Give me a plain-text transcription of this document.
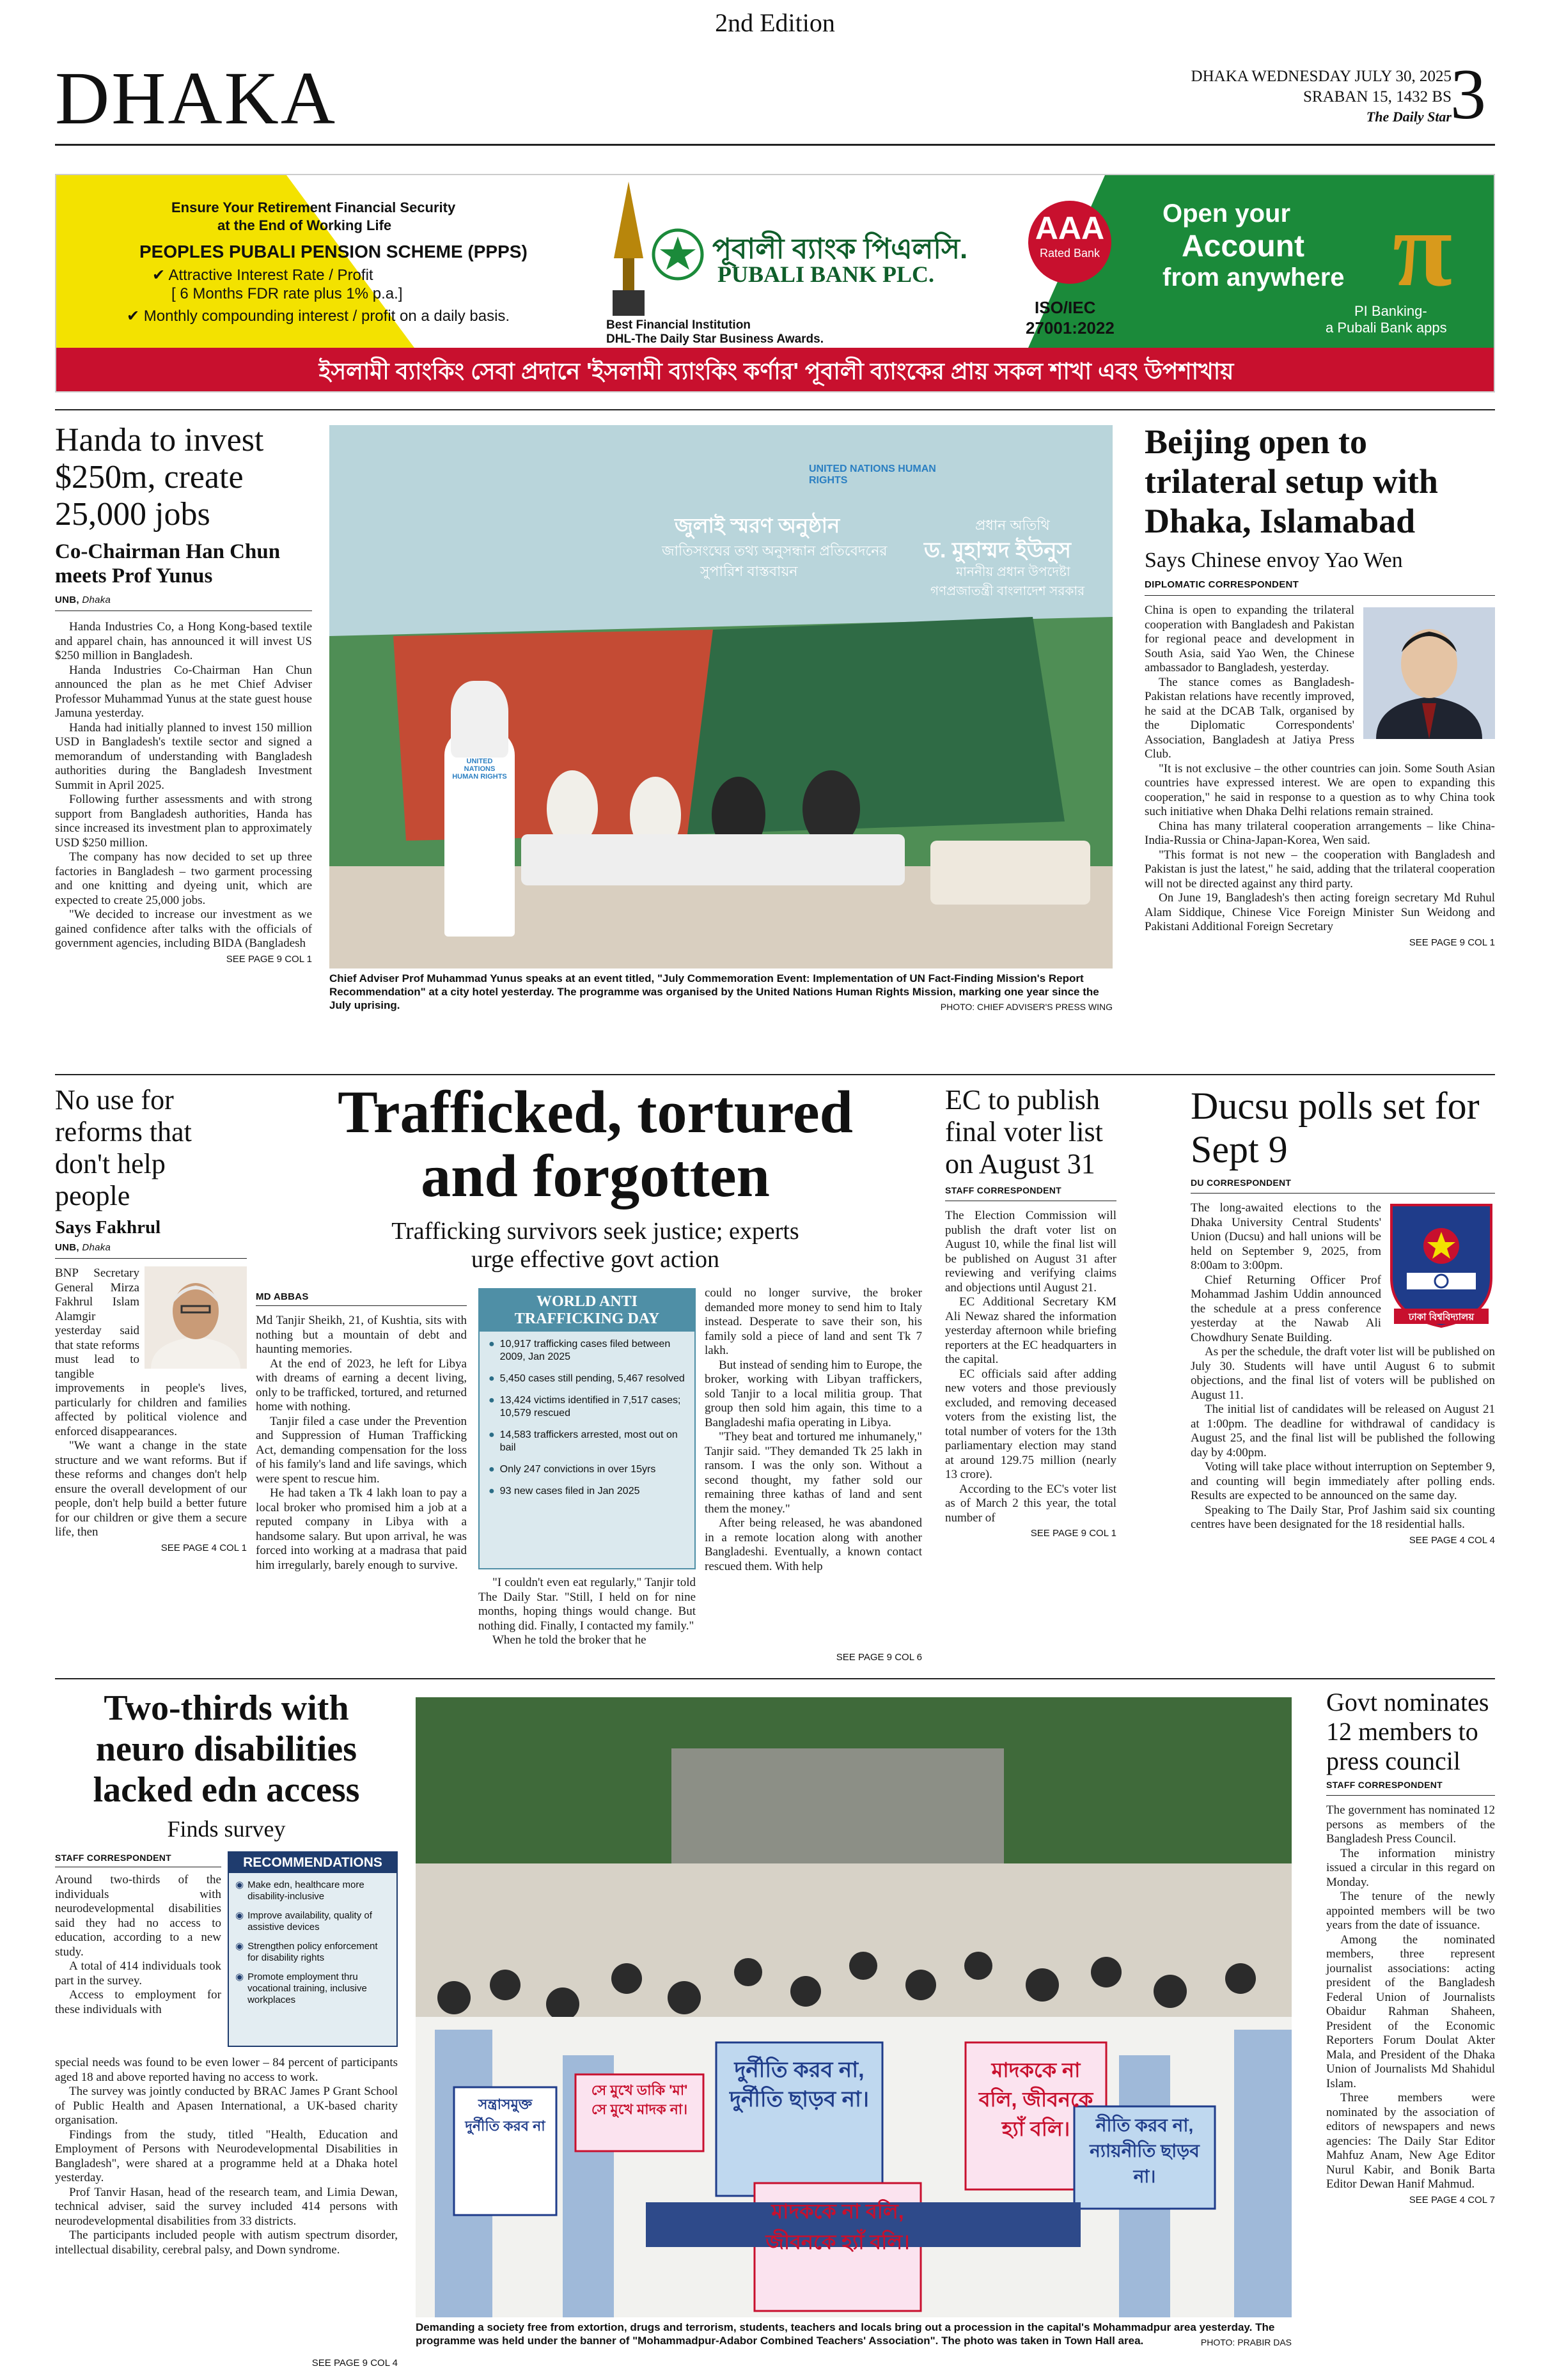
2nd Edition
DHAKA	DHAKA WEDNESDAY JULY 30, 2025
SRABAN 15, 1432 BS
The Daily Star
3
Ensure Your Retirement Financial Security
at the End of Working Life
PEOPLES PUBALI PENSION SCHEME (PPPS)
✔ Attractive Interest Rate / Profit
[ 6 Months FDR rate plus 1% p.a.]
✔ Monthly compounding interest / profit on a daily basis.
Best Financial Institution
DHL-The Daily Star Business Awards.
পূবালী ব্যাংক পিএলসি.
PUBALI BANK PLC.
AAA
Rated Bank
ISO/IEC
27001:2022
Open your
Account
from anywhere π
PI Banking-
a Pubali Bank apps
ইসলামী ব্যাংকিং সেবা প্রদানে 'ইসলামী ব্যাংকিং কর্ণার' পূবালী ব্যাংকের প্রায় সকল শাখা এবং উপশাখায়
Handa to invest $250m, create 25,000 jobs
Co-Chairman Han Chun meets Prof Yunus
UNB, Dhaka

Handa Industries Co, a Hong Kong-based textile and apparel chain, has announced it will invest US $250 million in Bangladesh.

Handa Industries Co-Chairman Han Chun announced the plan as he met Chief Adviser Professor Muhammad Yunus at the state guest house Jamuna yesterday.

Handa had initially planned to invest 150 million USD in Bangladesh's textile sector and signed a memorandum of understanding with Bangladesh authorities during the Bangladesh Investment Summit in April 2025.

Following further assessments and with strong support from Bangladesh authorities, Handa has since increased its investment plan to approximately USD $250 million.

The company has now decided to set up three factories in Bangladesh – two garment processing and one knitting and dyeing unit, which are expected to create 25,000 jobs.

"We decided to increase our investment as we gained confidence after talks with the officials of government agencies, including BIDA (Bangladesh

SEE PAGE 9 COL 1
UNITED NATIONS HUMAN RIGHTS
UNITED NATIONS HUMAN RIGHTS
জুলাই স্মরণ অনুষ্ঠান
জাতিসংঘের তথ্য অনুসন্ধান প্রতিবেদনের
সুপারিশ বাস্তবায়ন
প্রধান অতিথি
ড. মুহাম্মদ ইউনুস
মাননীয় প্রধান উপদেষ্টা
গণপ্রজাতন্ত্রী বাংলাদেশ সরকার
Chief Adviser Prof Muhammad Yunus speaks at an event titled, "July Commemoration Event: Implementation of UN Fact-Finding Mission's Report Recommendation" at a city hotel yesterday. The programme was organised by the United Nations Human Rights Mission, marking one year since the July uprising.	PHOTO: CHIEF ADVISER'S PRESS WING
Beijing open to trilateral setup with Dhaka, Islamabad
Says Chinese envoy Yao Wen
DIPLOMATIC CORRESPONDENT

China is open to expanding the trilateral cooperation with Bangladesh and Pakistan for regional peace and development in South Asia, said Yao Wen, the Chinese ambassador to Bangladesh, yesterday.

The stance comes as Bangladesh-Pakistan relations have recently improved, he said at the DCAB Talk, organised by the Diplomatic Correspondents' Association, Bangladesh at Jatiya Press Club.

"It is not exclusive – the other countries can join. Some South Asian countries have expressed interest. We are open to expanding this cooperation," he said in response to a question as to why China took such initiative when Dhaka Delhi relations remain strained.

China has many trilateral cooperation arrangements – like China-India-Russia or China-Japan-Korea, Wen said.

"This format is not new – the cooperation with Bangladesh and Pakistan is just the latest," he said, adding that the trilateral cooperation will not be directed against any third party.

On June 19, Bangladesh's then acting foreign secretary Md Ruhul Alam Siddique, Chinese Vice Foreign Minister Sun Weidong and Pakistani Additional Foreign Secretary

SEE PAGE 9 COL 1
No use for reforms that don't help people
Says Fakhrul
UNB, Dhaka

BNP Secretary General Mirza Fakhrul Islam Alamgir

yesterday said that state reforms must lead to tangible improvements in people's lives, particularly for children and families affected by political violence and enforced disappearances.

"We want a change in the state structure and we want reforms. But if these reforms and changes don't help ensure the overall development of our people, don't help build a better future for our children or give them a secure life, then

SEE PAGE 4 COL 1
Trafficked, tortured
and forgotten
Trafficking survivors seek justice; experts
urge effective govt action
MD ABBAS

Md Tanjir Sheikh, 21, of Kushtia, sits with nothing but a mountain of debt and haunting memories.

At the end of 2023, he left for Libya with dreams of earning a decent living, only to be trafficked, tortured, and returned home with nothing.

Tanjir filed a case under the Prevention and Suppression of Human Trafficking Act, demanding compensation for the loss of his family's land and life savings, which were spent to rescue him.

He had taken a Tk 4 lakh loan to pay a local broker who promised him a job at a reputed company in Libya with a handsome salary. But upon arrival, he was forced into working at a madrasa that paid him irregularly, barely enough to survive.

WORLD ANTI
TRAFFICKING DAY
● 10,917 trafficking cases filed between 2009, Jan 2025
● 5,450 cases still pending, 5,467 resolved
● 13,424 victims identified in 7,517 cases; 10,579 rescued
● 14,583 traffickers arrested, most out on bail
● Only 247 convictions in over 15yrs
● 93 new cases filed in Jan 2025

"I couldn't even eat regularly," Tanjir told The Daily Star. "Still, I held on for nine months, hoping things would change. But nothing did. Finally, I contacted my family."

When he told the broker that he

could no longer survive, the broker demanded more money to send him to Italy instead. Desperate to save their son, his family sold a piece of land and sent Tk 7 lakh.

But instead of sending him to Europe, the broker, working with Libyan traffickers, sold Tanjir to a local militia group. That group then sold him again, this time to a Bangladeshi mafia operating in Libya.

"They beat and tortured me inhumanely," Tanjir said. "They demanded Tk 25 lakh in ransom. I was the only son. Without a second thought, my father sold our remaining three kathas of land and sent them the money."

After being released, he was abandoned in a remote location along with another Bangladeshi. Eventually, a known contact rescued them. With help

SEE PAGE 9 COL 6
EC to publish final voter list on August 31
STAFF CORRESPONDENT

The Election Commission will publish the draft voter list on August 10, while the final list will be published on August 31 after reviewing and verifying claims and objections until August 21.

EC Additional Secretary KM Ali Newaz shared the information yesterday afternoon while briefing reporters at the EC headquarters in the capital.

EC officials said after adding new voters and those previously excluded, and removing deceased voters from the existing list, the total number of voters for the 13th parliamentary election may stand at around 129.75 million (nearly 13 crore).

According to the EC's voter list as of March 2 this year, the total number of

SEE PAGE 9 COL 1
Ducsu polls set for Sept 9
DU CORRESPONDENT
ঢাকা বিশ্ববিদ্যালয়

The long-awaited elections to the Dhaka University Central Students' Union (Ducsu) and hall unions will be held on September 9, 2025, from 8:00am to 3:00pm.

Chief Returning Officer Prof Mohammad Jashim Uddin announced the schedule at a press conference yesterday at the Nawab Ali Chowdhury Senate Building.

As per the schedule, the draft voter list will be published on July 30. Students will have until August 6 to submit objections, and the final list of voters will be published on August 11.

The initial list of candidates will be released on August 21 at 1:00pm. The deadline for withdrawal of candidacy is August 25, and the final list will be published the following day by 4:00pm.

Voting will take place without interruption on September 9, and counting will begin immediately after polling ends. Results are expected to be announced on the same day.

Speaking to The Daily Star, Prof Jashim said six counting centres have been designated for the 18 residential halls.

SEE PAGE 4 COL 4
Two-thirds with neuro disabilities lacked edn access
Finds survey
STAFF CORRESPONDENT

Around two-thirds of the individuals with neurodevelopmental disabilities said they had no access to education, according to a new study.

A total of 414 individuals took part in the survey.

Access to employment for these individuals with

RECOMMENDATIONS
◉ Make edn, healthcare more disability-inclusive
◉ Improve availability, quality of assistive devices
◉ Strengthen policy enforcement for disability rights
◉ Promote employment thru vocational training, inclusive workplaces

special needs was found to be even lower – 84 percent of participants aged 18 and above reported having no access to work.

The survey was jointly conducted by BRAC James P Grant School of Public Health and Apasen International, a UK-based charity organisation.

Findings from the study, titled "Health, Education and Employment of Persons with Neurodevelopmental Disabilities in Bangladesh", were shared at a programme held at a Dhaka hotel yesterday.

Prof Tanvir Hasan, head of the research team, and Limia Dewan, technical adviser, said the survey included 414 persons with neurodevelopmental disabilities from 33 districts.

The participants included people with autism spectrum disorder, intellectual disability, cerebral palsy, and Down syndrome.

SEE PAGE 9 COL 4
দুর্নীতি করব না, দুর্নীতি ছাড়ব না।
মাদককে না বলি, জীবনকে হ্যাঁ বলি।
সে মুখে ডাকি 'মা' সে মুখে মাদক না।
মাদককে না বলি, জীবনকে হ্যাঁ বলি।
নীতি করব না, ন্যায়নীতি ছাড়ব না।
সন্ত্রাসমুক্ত দুর্নীতি করব না
Demanding a society free from extortion, drugs and terrorism, students, teachers and locals bring out a procession in the capital's Mohammadpur area yesterday. The programme was held under the banner of "Mohammadpur-Adabor Combined Teachers' Association". The photo was taken in Town Hall area.	PHOTO: PRABIR DAS
Govt nominates 12 members to press council
STAFF CORRESPONDENT

The government has nominated 12 persons as members of the Bangladesh Press Council.

The information ministry issued a circular in this regard on Monday.

The tenure of the newly appointed members will be two years from the date of issuance.

Among the nominated members, three represent journalist associations: acting president of the Bangladesh Federal Union of Journalists Obaidur Rahman Shaheen, President of the Economic Reporters Forum Doulat Akter Mala, and President of the Dhaka Union of Journalists Md Shahidul Islam.

Three members were nominated by the association of editors of newspapers and news agencies: The Daily Star Editor Mahfuz Anam, New Age Editor Nurul Kabir, and Bonik Barta Editor Dewan Hanif Mahmud.

SEE PAGE 4 COL 7
